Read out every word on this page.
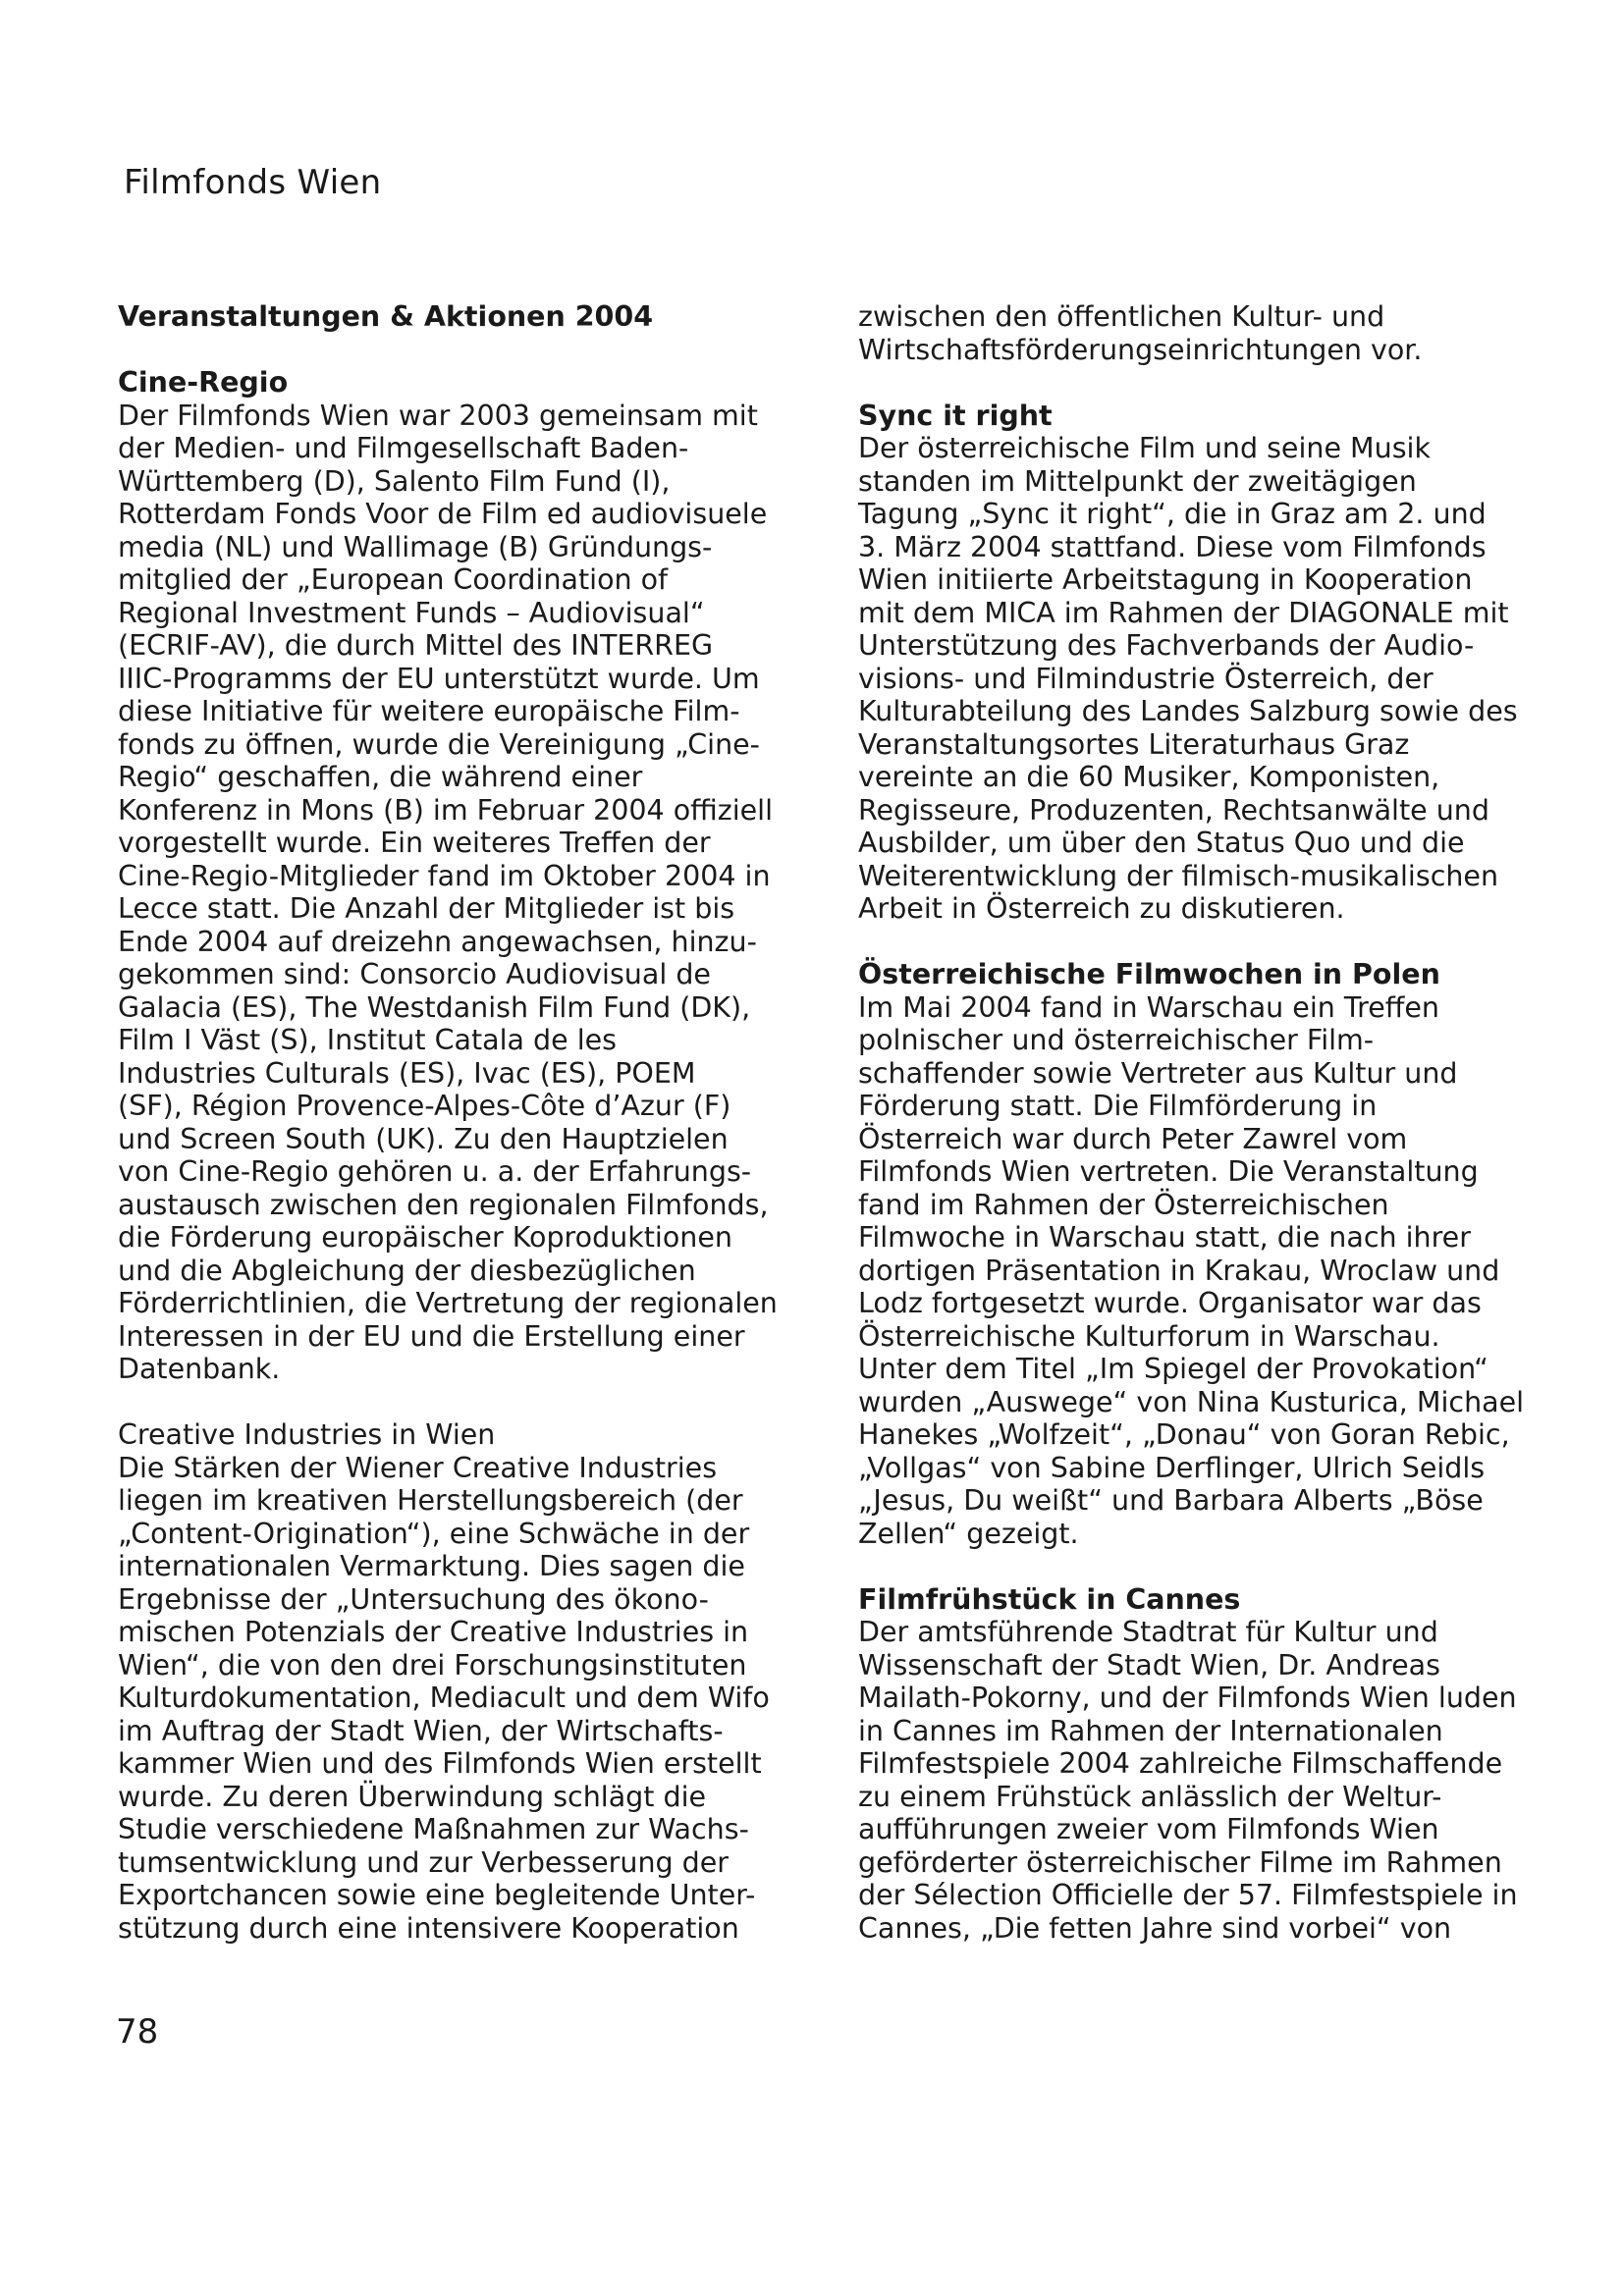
Filmfonds Wien
Veranstaltungen & Aktionen 2004
Cine-Regio
Der Filmfonds Wien war 2003 gemeinsam mit
der Medien- und Filmgesellschaft Baden-
Württemberg (D), Salento Film Fund (I),
Rotterdam Fonds Voor de Film ed audiovisuele
media (NL) und Wallimage (B) Gründungs-
mitglied der „European Coordination of
Regional Investment Funds – Audiovisual“
(ECRIF-AV), die durch Mittel des INTERREG
IIIC-Programms der EU unterstützt wurde. Um
diese Initiative für weitere europäische Film-
fonds zu öffnen, wurde die Vereinigung „Cine-
Regio“ geschaffen, die während einer
Konferenz in Mons (B) im Februar 2004 offiziell
vorgestellt wurde. Ein weiteres Treffen der
Cine-Regio-Mitglieder fand im Oktober 2004 in
Lecce statt. Die Anzahl der Mitglieder ist bis
Ende 2004 auf dreizehn angewachsen, hinzu-
gekommen sind: Consorcio Audiovisual de
Galacia (ES), The Westdanish Film Fund (DK),
Film I Väst (S), Institut Catala de les
Industries Culturals (ES), Ivac (ES), POEM
(SF), Région Provence-Alpes-Côte d’Azur (F)
und Screen South (UK). Zu den Hauptzielen
von Cine-Regio gehören u. a. der Erfahrungs-
austausch zwischen den regionalen Filmfonds,
die Förderung europäischer Koproduktionen
und die Abgleichung der diesbezüglichen
Förderrichtlinien, die Vertretung der regionalen
Interessen in der EU und die Erstellung einer
Datenbank.
Creative Industries in Wien
Die Stärken der Wiener Creative Industries
liegen im kreativen Herstellungsbereich (der
„Content-Origination“), eine Schwäche in der
internationalen Vermarktung. Dies sagen die
Ergebnisse der „Untersuchung des ökono-
mischen Potenzials der Creative Industries in
Wien“, die von den drei Forschungsinstituten
Kulturdokumentation, Mediacult und dem Wifo
im Auftrag der Stadt Wien, der Wirtschafts-
kammer Wien und des Filmfonds Wien erstellt
wurde. Zu deren Überwindung schlägt die
Studie verschiedene Maßnahmen zur Wachs-
tumsentwicklung und zur Verbesserung der
Exportchancen sowie eine begleitende Unter-
stützung durch eine intensivere Kooperation
zwischen den öffentlichen Kultur- und
Wirtschaftsförderungseinrichtungen vor.
Sync it right
Der österreichische Film und seine Musik
standen im Mittelpunkt der zweitägigen
Tagung „Sync it right“, die in Graz am 2. und
3. März 2004 stattfand. Diese vom Filmfonds
Wien initiierte Arbeitstagung in Kooperation
mit dem MICA im Rahmen der DIAGONALE mit
Unterstützung des Fachverbands der Audio-
visions- und Filmindustrie Österreich, der
Kulturabteilung des Landes Salzburg sowie des
Veranstaltungsortes Literaturhaus Graz
vereinte an die 60 Musiker, Komponisten,
Regisseure, Produzenten, Rechtsanwälte und
Ausbilder, um über den Status Quo und die
Weiterentwicklung der filmisch-musikalischen
Arbeit in Österreich zu diskutieren.
Österreichische Filmwochen in Polen
Im Mai 2004 fand in Warschau ein Treffen
polnischer und österreichischer Film-
schaffender sowie Vertreter aus Kultur und
Förderung statt. Die Filmförderung in
Österreich war durch Peter Zawrel vom
Filmfonds Wien vertreten. Die Veranstaltung
fand im Rahmen der Österreichischen
Filmwoche in Warschau statt, die nach ihrer
dortigen Präsentation in Krakau, Wroclaw und
Lodz fortgesetzt wurde. Organisator war das
Österreichische Kulturforum in Warschau.
Unter dem Titel „Im Spiegel der Provokation“
wurden „Auswege“ von Nina Kusturica, Michael
Hanekes „Wolfzeit“, „Donau“ von Goran Rebic,
„Vollgas“ von Sabine Derflinger, Ulrich Seidls
„Jesus, Du weißt“ und Barbara Alberts „Böse
Zellen“ gezeigt.
Filmfrühstück in Cannes
Der amtsführende Stadtrat für Kultur und
Wissenschaft der Stadt Wien, Dr. Andreas
Mailath-Pokorny, und der Filmfonds Wien luden
in Cannes im Rahmen der Internationalen
Filmfestspiele 2004 zahlreiche Filmschaffende
zu einem Frühstück anlässlich der Weltur-
aufführungen zweier vom Filmfonds Wien
geförderter österreichischer Filme im Rahmen
der Sélection Officielle der 57. Filmfestspiele in
Cannes, „Die fetten Jahre sind vorbei“ von
78
